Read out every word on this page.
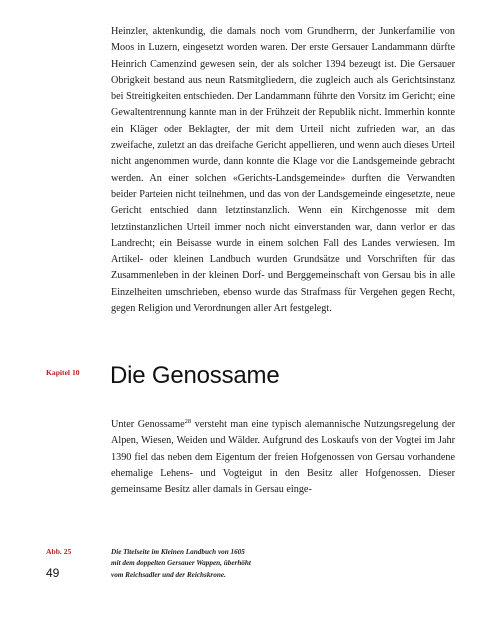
Heinzler, aktenkundig, die damals noch vom Grundherrn, der Junkerfamilie von Moos in Luzern, eingesetzt worden waren. Der erste Gersauer Landammann dürfte Heinrich Camenzind gewesen sein, der als solcher 1394 bezeugt ist. Die Gersauer Obrigkeit bestand aus neun Ratsmitgliedern, die zugleich auch als Gerichtsinstanz bei Streitigkeiten entschieden. Der Landammann führte den Vorsitz im Gericht; eine Gewaltentrennung kannte man in der Frühzeit der Republik nicht. Immerhin konnte ein Kläger oder Beklagter, der mit dem Urteil nicht zufrieden war, an das zweifache, zuletzt an das dreifache Gericht appellieren, und wenn auch dieses Urteil nicht angenommen wurde, dann konnte die Klage vor die Landsgemeinde gebracht werden. An einer solchen «Gerichts-Landsgemeinde» durften die Verwandten beider Parteien nicht teilnehmen, und das von der Landsgemeinde eingesetzte, neue Gericht entschied dann letztinstanzlich. Wenn ein Kirchgenosse mit dem letztinstanzlichen Urteil immer noch nicht einverstanden war, dann verlor er das Landrecht; ein Beisasse wurde in einem solchen Fall des Landes verwiesen. Im Artikel- oder kleinen Landbuch wurden Grundsätze und Vorschriften für das Zusammenleben in der kleinen Dorf- und Berggemeinschaft von Gersau bis in alle Einzelheiten umschrieben, ebenso wurde das Strafmass für Vergehen gegen Recht, gegen Religion und Verordnungen aller Art festgelegt.

Kapitel 10 Die Genossame

Unter Genossame$^{28}$ versteht man eine typisch alemannische Nutzungsregelung der Alpen, Wiesen, Weiden und Wälder. Aufgrund des Loskaufs von der Vogtei im Jahr 1390 fiel das neben dem Eigentum der freien Hofgenossen von Gersau vorhandene ehemalige Lehens- und Vogteigut in den Besitz aller Hofgenossen. Dieser gemeinsame Besitz aller damals in Gersau einge-

Abb. 25	Die Titelseite im Kleinen Landbuch von 1605
mit dem doppelten Gersauer Wappen, überhöht
vom Reichsadler und der Reichskrone.
49
